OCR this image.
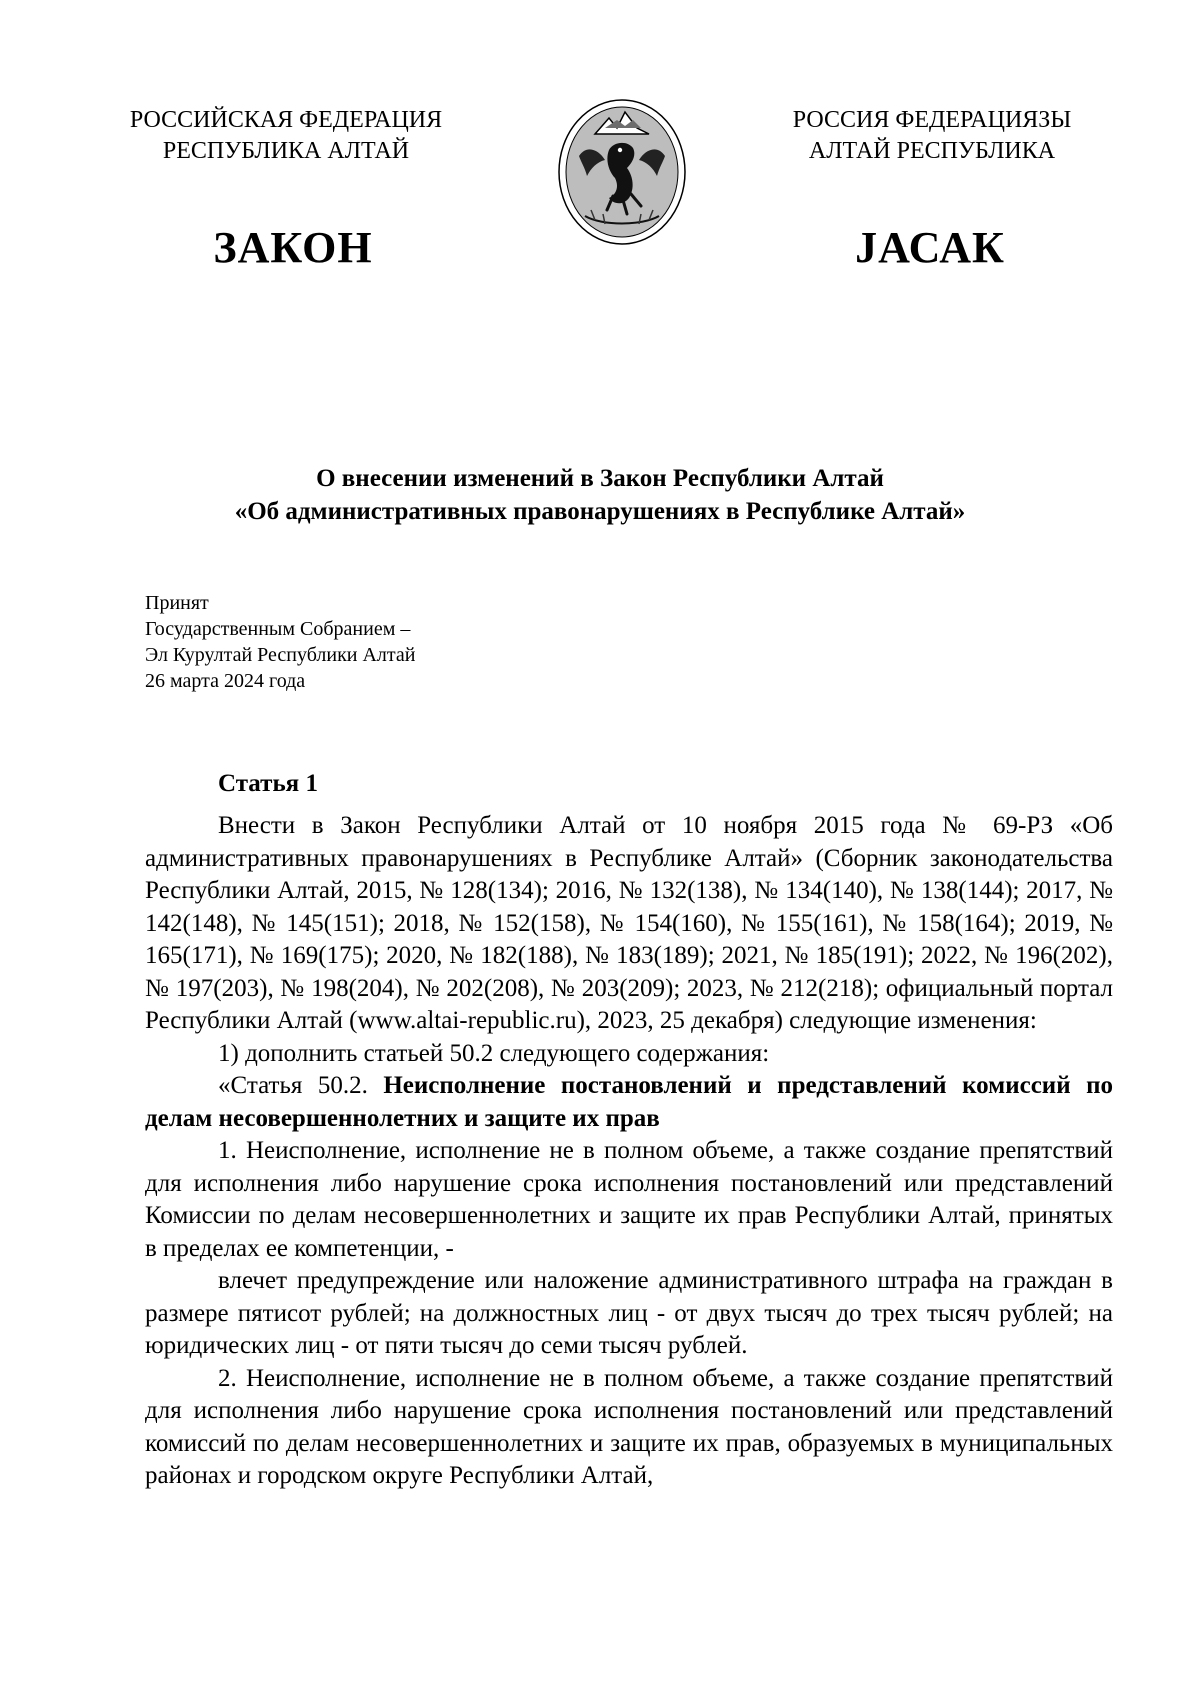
РОССИЙСКАЯ ФЕДЕРАЦИЯ
РЕСПУБЛИКА АЛТАЙ
РОССИЯ ФЕДЕРАЦИЯЗЫ
АЛТАЙ РЕСПУБЛИКА
ЗАКОН	JАСАК
О внесении изменений в Закон Республики Алтай
«Об административных правонарушениях в Республике Алтай»
Принят
Государственным Собранием –
Эл Курултай Республики Алтай
26 марта 2024 года
Статья 1

Внести в Закон Республики Алтай от 10 ноября 2015 года № 69-РЗ «Об административных правонарушениях в Республике Алтай» (Сборник законодательства Республики Алтай, 2015, № 128(134); 2016, № 132(138), № 134(140), № 138(144); 2017, № 142(148), № 145(151); 2018, № 152(158), № 154(160), № 155(161), № 158(164); 2019, № 165(171), № 169(175); 2020, № 182(188), № 183(189); 2021, № 185(191); 2022, № 196(202), № 197(203), № 198(204), № 202(208), № 203(209); 2023, № 212(218); официальный портал Республики Алтай (www.altai-republic.ru), 2023, 25 декабря) следующие изменения:

1) дополнить статьей 50.2 следующего содержания:

«Статья 50.2. Неисполнение постановлений и представлений комиссий по делам несовершеннолетних и защите их прав

1. Неисполнение, исполнение не в полном объеме, а также создание препятствий для исполнения либо нарушение срока исполнения постановлений или представлений Комиссии по делам несовершеннолетних и защите их прав Республики Алтай, принятых в пределах ее компетенции, -

влечет предупреждение или наложение административного штрафа на граждан в размере пятисот рублей; на должностных лиц - от двух тысяч до трех тысяч рублей; на юридических лиц - от пяти тысяч до семи тысяч рублей.

2. Неисполнение, исполнение не в полном объеме, а также создание препятствий для исполнения либо нарушение срока исполнения постановлений или представлений комиссий по делам несовершеннолетних и защите их прав, образуемых в муниципальных районах и городском округе Республики Алтай,
